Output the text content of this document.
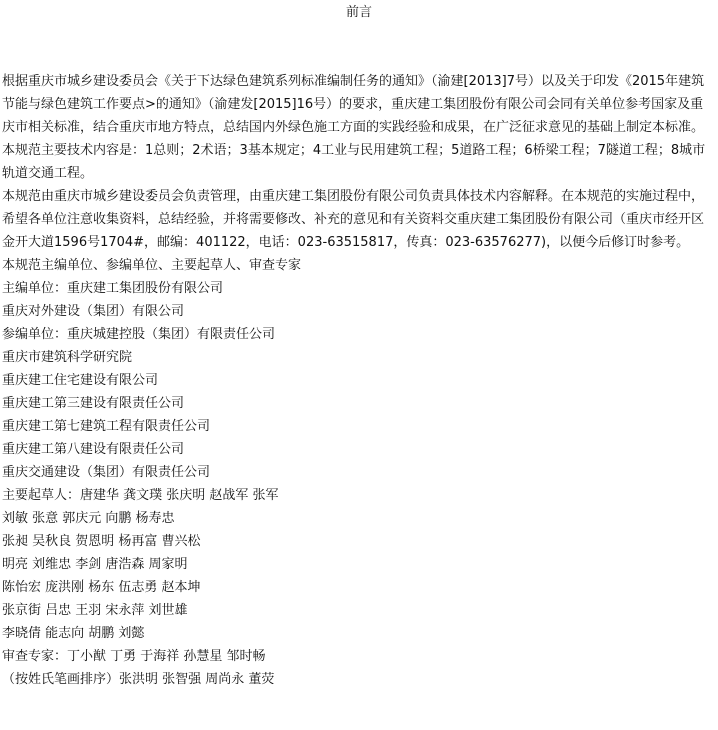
前言

根据重庆市城乡建设委员会《关于下达绿色建筑系列标准编制任务的通知》（渝建[2013]7号）以及关于印发《2015年建筑节能与绿色建筑工作要点>的通知》（渝建发[2015]16号）的要求，重庆建工集团股份有限公司会同有关单位参考国家及重庆市相关标准，结合重庆市地方特点，总结国内外绿色施工方面的实践经验和成果，在广泛征求意见的基础上制定本标准。

本规范主要技术内容是：1总则；2术语；3基本规定；4工业与民用建筑工程；5道路工程；6桥梁工程；7隧道工程；8城市轨道交通工程。

本规范由重庆市城乡建设委员会负责管理，由重庆建工集团股份有限公司负责具体技术内容解释。在本规范的实施过程中，希望各单位注意收集资料，总结经验，并将需要修改、补充的意见和有关资料交重庆建工集团股份有限公司（重庆市经开区金开大道1596号1704#，邮编：401122，电话：023-63515817，传真：023-63576277)，以便今后修订时参考。

本规范主编单位、参编单位、主要起草人、审查专家
主编单位：重庆建工集团股份有限公司
重庆对外建设（集团）有限公司
参编单位：重庆城建控股（集团）有限责任公司
重庆市建筑科学研究院
重庆建工住宅建设有限公司
重庆建工第三建设有限责任公司
重庆建工第七建筑工程有限责任公司
重庆建工第八建设有限责任公司
重庆交通建设（集团）有限责任公司
主要起草人：唐建华 龚文璞 张庆明 赵战军 张军
刘敏 张意 郭庆元 向鹏 杨寿忠
张昶 吴秋良 贺恩明 杨再富 曹兴松
明亮 刘维忠 李剑 唐浩森 周家明
陈怡宏 庞洪刚 杨东 伍志勇 赵本坤
张京街 吕忠 王羽 宋永萍 刘世雄
李晓倩 能志向 胡鹏 刘懿
审查专家：丁小猷 丁勇 于海祥 孙慧星 邹时畅
（按姓氏笔画排序）张洪明 张智强 周尚永 董荧
